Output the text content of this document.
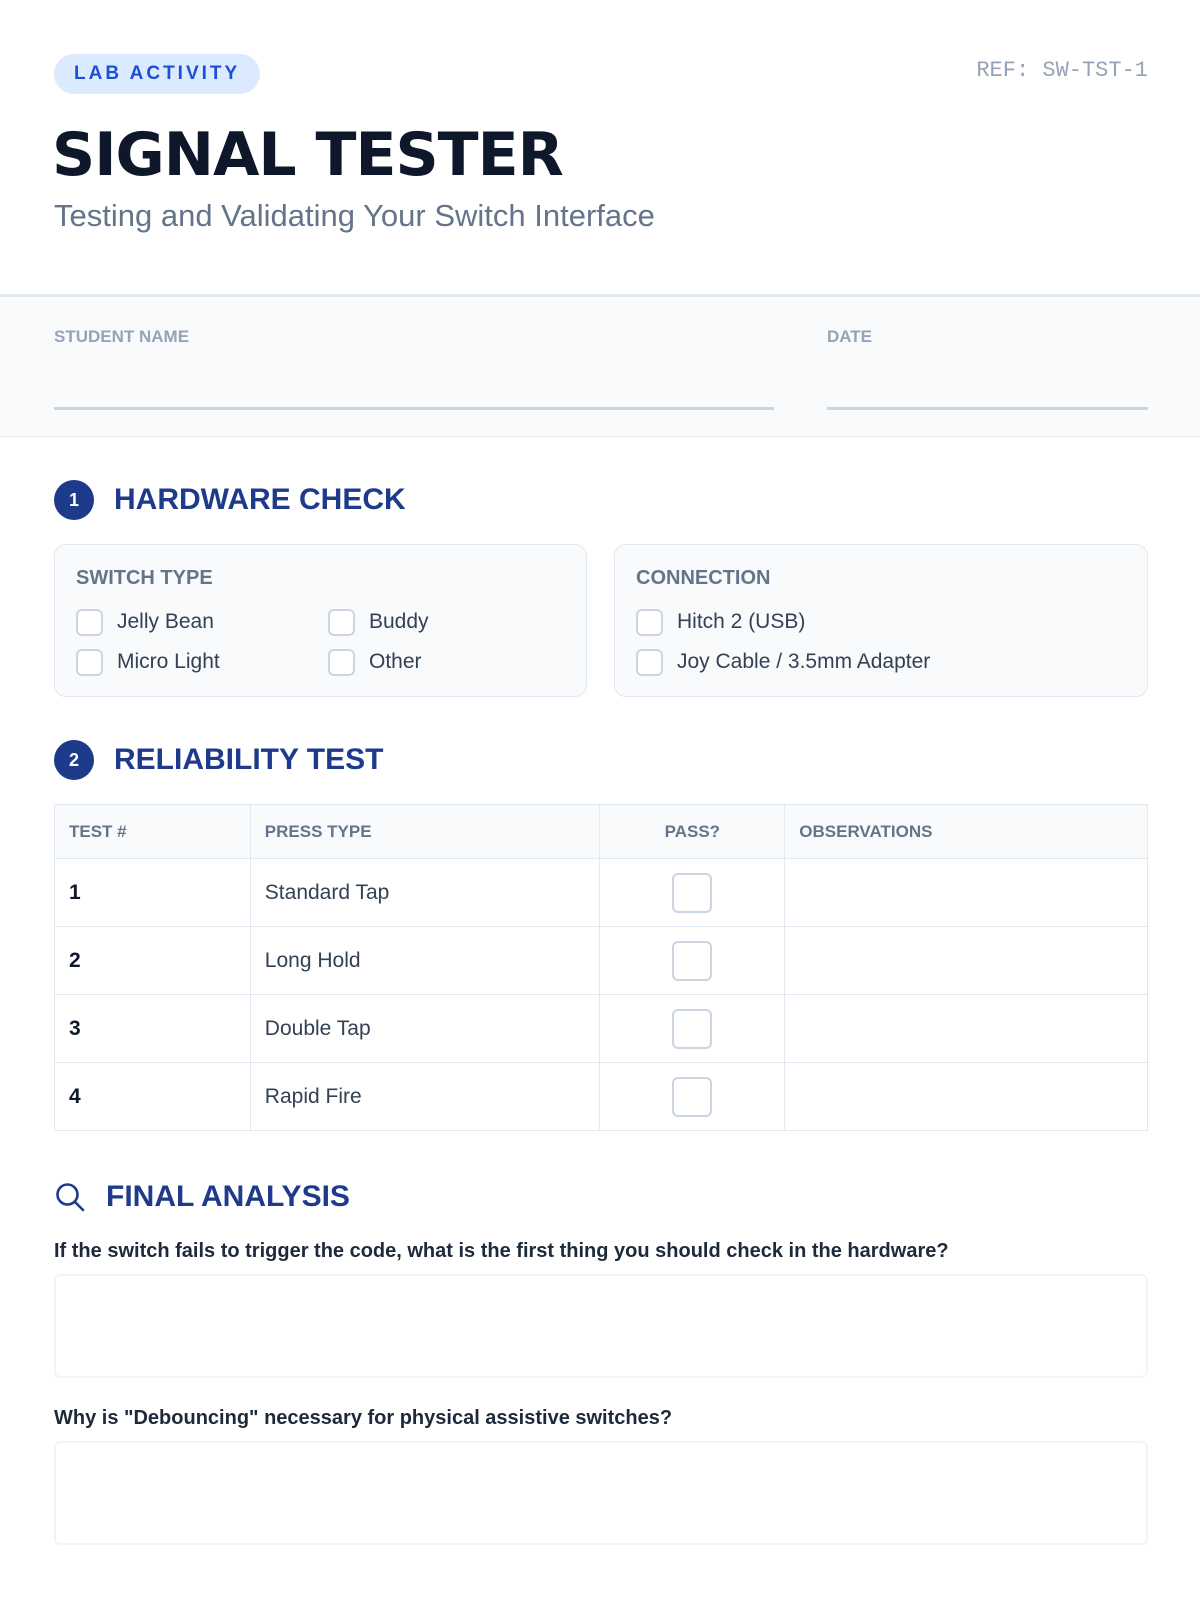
LAB ACTIVITY	REF: SW-TST-1
SIGNAL TESTER
Testing and Validating Your Switch Interface
STUDENT NAME	DATE
1	HARDWARE CHECK
SWITCH TYPE
Jelly Bean	Buddy
Micro Light	Other
CONNECTION
Hitch 2 (USB)
Joy Cable / 3.5mm Adapter
2	RELIABILITY TEST
TEST #	PRESS TYPE	PASS?	OBSERVATIONS
1	Standard Tap		
2	Long Hold		
3	Double Tap		
4	Rapid Fire		
FINAL ANALYSIS
If the switch fails to trigger the code, what is the first thing you should check in the hardware?
Why is "Debouncing" necessary for physical assistive switches?
